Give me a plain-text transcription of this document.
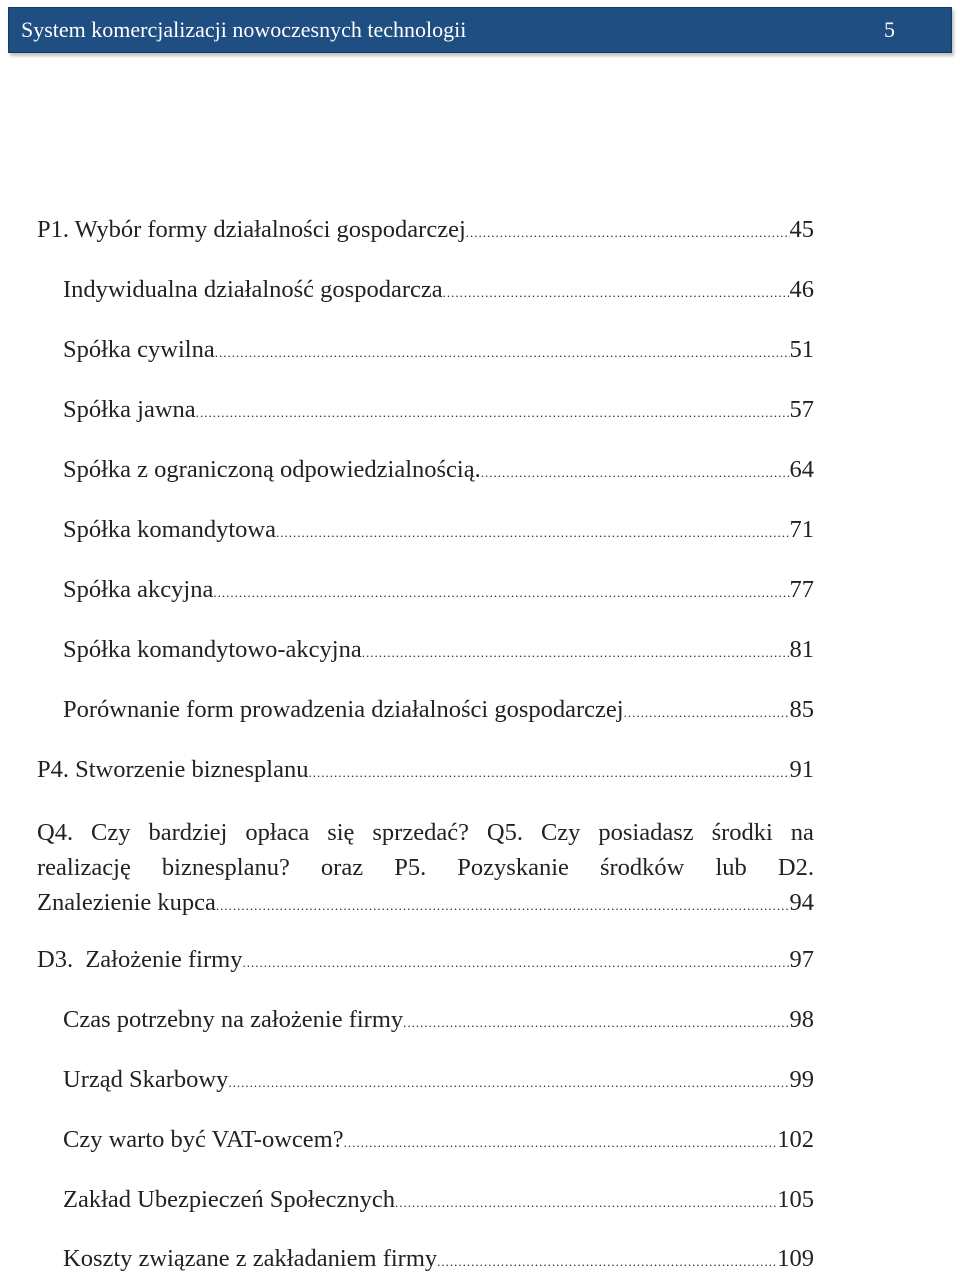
System komercjalizacji nowoczesnych technologii	5
P1. Wybór formy działalności gospodarczej .....	45
Indywidualna działalność gospodarcza .....	46
Spółka cywilna .....	51
Spółka jawna .....	57
Spółka z ograniczoną odpowiedzialnością. .....	64
Spółka komandytowa .....	71
Spółka akcyjna .....	77
Spółka komandytowo-akcyjna .....	81
Porównanie form prowadzenia działalności gospodarczej .....	85
P4. Stworzenie biznesplanu .....	91
Q4. Czy bardziej opłaca się sprzedać? Q5. Czy posiadasz środki na
realizację biznesplanu? oraz P5. Pozyskanie środków lub D2.
Znalezienie kupca .....	94
D3.  Założenie firmy .....	97
Czas potrzebny na założenie firmy .....	98
Urząd Skarbowy .....	99
Czy warto być VAT-owcem? .....	102
Zakład Ubezpieczeń Społecznych .....	105
Koszty związane z zakładaniem firmy .....	109
